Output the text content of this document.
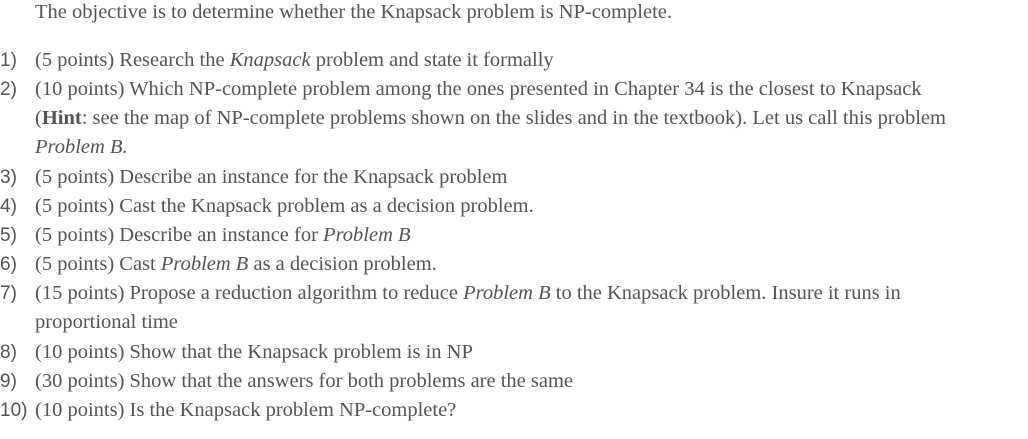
The objective is to determine whether the Knapsack problem is NP-complete.
1) (5 points) Research the Knapsack problem and state it formally
2) (10 points) Which NP-complete problem among the ones presented in Chapter 34 is the closest to Knapsack
(Hint: see the map of NP-complete problems shown on the slides and in the textbook). Let us call this problem
Problem B.
3) (5 points) Describe an instance for the Knapsack problem
4) (5 points) Cast the Knapsack problem as a decision problem.
5) (5 points) Describe an instance for Problem B
6) (5 points) Cast Problem B as a decision problem.
7) (15 points) Propose a reduction algorithm to reduce Problem B to the Knapsack problem. Insure it runs in
proportional time
8) (10 points) Show that the Knapsack problem is in NP
9) (30 points) Show that the answers for both problems are the same
10) (10 points) Is the Knapsack problem NP-complete?
